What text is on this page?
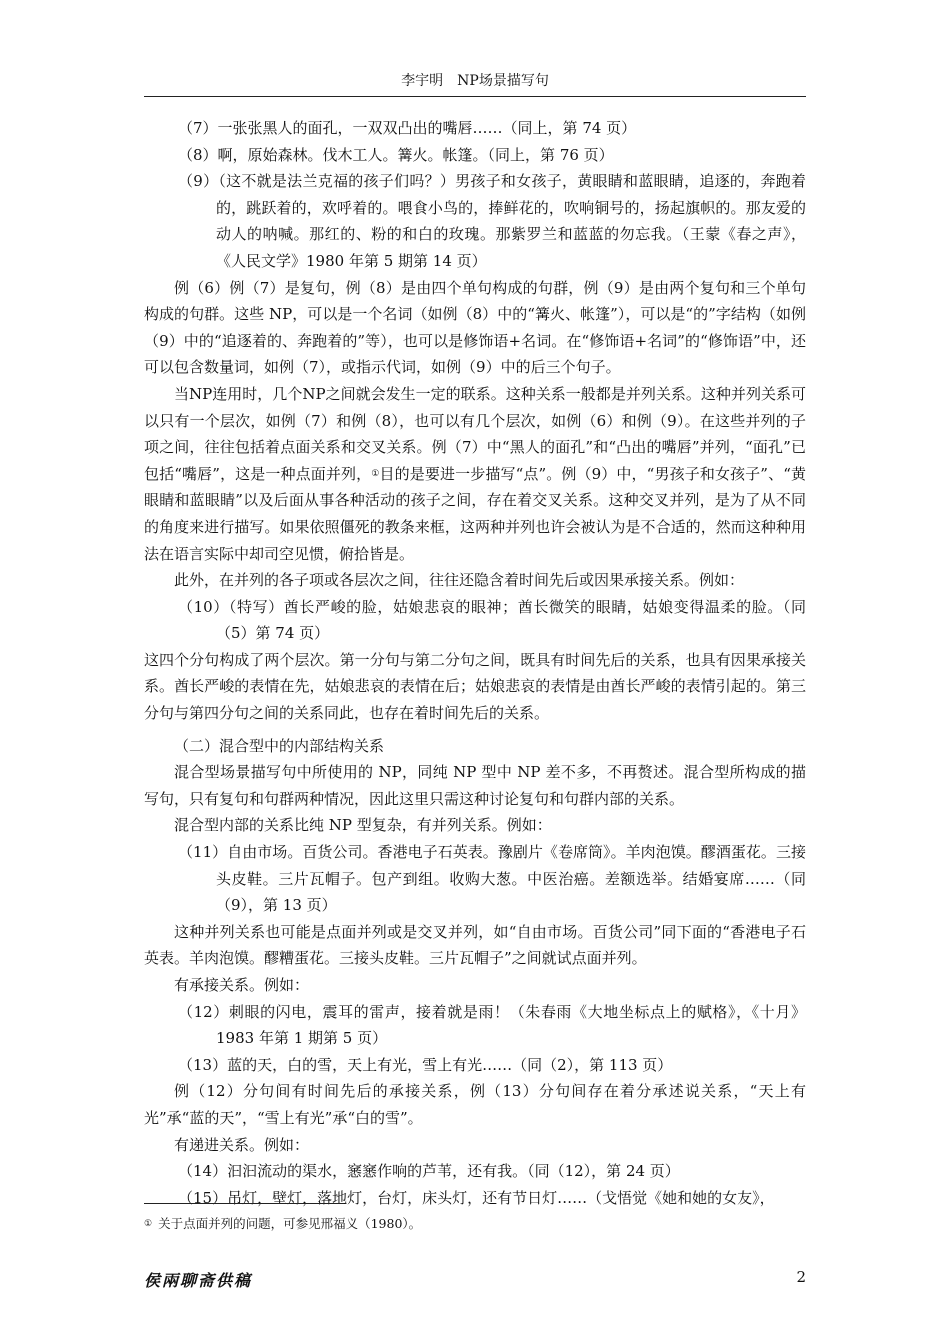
李宇明　NP场景描写句

（7）一张张黑人的面孔，一双双凸出的嘴唇……（同上，第 74 页）

（8）啊，原始森林。伐木工人。篝火。帐篷。（同上，第 76 页）

（9）（这不就是法兰克福的孩子们吗？）男孩子和女孩子，黄眼睛和蓝眼睛，追逐的，奔跑着的，跳跃着的，欢呼着的。喂食小鸟的，捧鲜花的，吹响铜号的，扬起旗帜的。那友爱的动人的呐喊。那红的、粉的和白的玫瑰。那紫罗兰和蓝蓝的勿忘我。（王蒙《春之声》，《人民文学》1980 年第 5 期第 14 页）

例（6）例（7）是复句，例（8）是由四个单句构成的句群，例（9）是由两个复句和三个单句构成的句群。这些 NP，可以是一个名词（如例（8）中的“篝火、帐篷”），可以是“的”字结构（如例（9）中的“追逐着的、奔跑着的”等），也可以是修饰语+名词。在“修饰语+名词”的“修饰语”中，还可以包含数量词，如例（7），或指示代词，如例（9）中的后三个句子。

当NP连用时，几个NP之间就会发生一定的联系。这种关系一般都是并列关系。这种并列关系可以只有一个层次，如例（7）和例（8），也可以有几个层次，如例（6）和例（9）。在这些并列的子项之间，往往包括着点面关系和交叉关系。例（7）中“黑人的面孔”和“凸出的嘴唇”并列，“面孔”已包括“嘴唇”，这是一种点面并列，①目的是要进一步描写“点”。例（9）中，“男孩子和女孩子”、“黄眼睛和蓝眼睛”以及后面从事各种活动的孩子之间，存在着交叉关系。这种交叉并列，是为了从不同的角度来进行描写。如果依照僵死的教条来框，这两种并列也许会被认为是不合适的，然而这种种用法在语言实际中却司空见惯，俯拾皆是。

此外，在并列的各子项或各层次之间，往往还隐含着时间先后或因果承接关系。例如：

（10）（特写）酋长严峻的脸，姑娘悲哀的眼神；酋长微笑的眼睛，姑娘变得温柔的脸。（同（5）第 74 页）

这四个分句构成了两个层次。第一分句与第二分句之间，既具有时间先后的关系，也具有因果承接关系。酋长严峻的表情在先，姑娘悲哀的表情在后；姑娘悲哀的表情是由酋长严峻的表情引起的。第三分句与第四分句之间的关系同此，也存在着时间先后的关系。

（二）混合型中的内部结构关系

混合型场景描写句中所使用的 NP，同纯 NP 型中 NP 差不多，不再赘述。混合型所构成的描写句，只有复句和句群两种情况，因此这里只需这种讨论复句和句群内部的关系。

混合型内部的关系比纯 NP 型复杂，有并列关系。例如：

（11）自由市场。百货公司。香港电子石英表。豫剧片《卷席筒》。羊肉泡馍。醪酒蛋花。三接头皮鞋。三片瓦帽子。包产到组。收购大葱。中医治癌。差额选举。结婚宴席……（同（9），第 13 页）

这种并列关系也可能是点面并列或是交叉并列，如“自由市场。百货公司”同下面的“香港电子石英表。羊肉泡馍。醪糟蛋花。三接头皮鞋。三片瓦帽子”之间就试点面并列。

有承接关系。例如：

（12）刺眼的闪电，震耳的雷声，接着就是雨！（朱春雨《大地坐标点上的赋格》，《十月》1983 年第 1 期第 5 页）

（13）蓝的天，白的雪，天上有光，雪上有光……（同（2），第 113 页）

例（12）分句间有时间先后的承接关系，例（13）分句间存在着分承述说关系，“天上有光”承“蓝的天”，“雪上有光”承“白的雪”。

有递进关系。例如：

（14）汩汩流动的渠水，窸窸作响的芦苇，还有我。（同（12），第 24 页）

（15）吊灯，壁灯，落地灯，台灯，床头灯，还有节日灯……（戈悟觉《她和她的女友》，

① 关于点面并列的问题，可参见邢福义（1980）。
侯兩聊斋供稿	2
